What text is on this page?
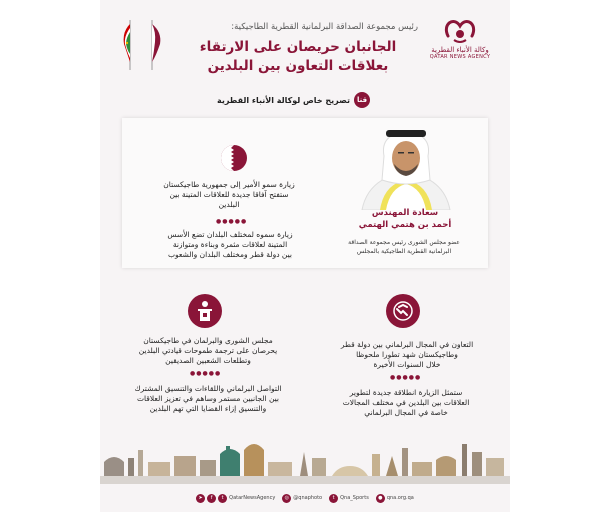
وكالة الأنباء القطرية
QATAR NEWS AGENCY
رئيس مجموعة الصداقة البرلمانية القطرية الطاجيكية:
الجانبان حريصان على الارتقاء
بعلاقات التعاون بين البلدين
قنا
تصريح خاص لوكالة الأنباء القطرية
سعادة المهندس
أحمد بن هتمي الهتمي
عضو مجلس الشورى رئيس مجموعة الصداقة
البرلمانية القطرية الطاجيكية بالمجلس
زيارة سمو الأمير إلى جمهورية طاجيكستان
ستفتح آفاقا جديدة للعلاقات المتينة بين
البلدين
●●●●●
زيارة سموه لمختلف البلدان تضع الأسس
المتينة لعلاقات مثمرة وبناءة ومتوازنة
بين دولة قطر ومختلف البلدان والشعوب
مجلس الشورى والبرلمان في طاجيكستان
يحرصان على ترجمة طموحات قيادتي البلدين
وتطلعات الشعبين الصديقين
●●●●●
التواصل البرلماني واللقاءات والتنسيق المشترك
بين الجانبين مستمر وساهم في تعزيز العلاقات
والتنسيق إزاء القضايا التي تهم البلدين
التعاون في المجال البرلماني بين دولة قطر
وطاجيكستان شهد تطورا ملحوظا
خلال السنوات الأخيرة
●●●●●
ستمثل الزيارة انطلاقة جديدة لتطوير
العلاقات بين البلدين في مختلف المجالات
خاصة في المجال البرلماني
➤	f	t	QatarNewsAgency	◎ @qnaphoto	t	Qna_Sports	● qna.org.qa
